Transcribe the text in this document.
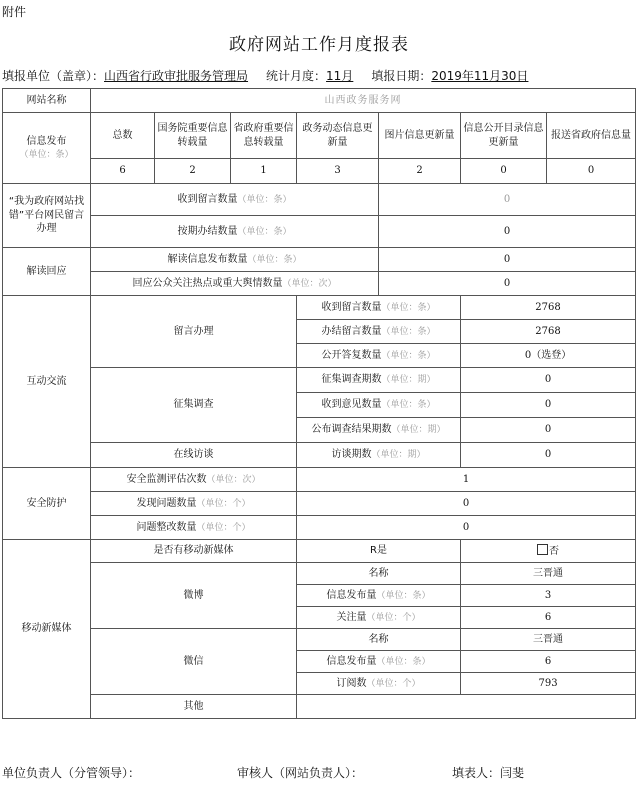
附件
政府网站工作月度报表
填报单位（盖章）：山西省行政审批服务管理局 统计月度：11月 填报日期：2019年11月30日
网站名称	山西政务服务网						
信息发布
（单位：条）	总数	国务院重要信息转载量	省政府重要信息转载量	政务动态信息更新量	图片信息更新量	信息公开目录信息更新量	报送省政府信息量
	6	2	1	3	2	0	0
“我为政府网站找错”平台网民留言办理	收到留言数量（单位：条）				0		
	按期办结数量（单位：条）				0		
解读回应	解读信息发布数量（单位：条）				0		
	回应公众关注热点或重大舆情数量（单位：次）				0		
互动交流	留言办理			收到留言数量（单位：条）		2768	
				办结留言数量（单位：条）		2768	
				公开答复数量（单位：条）		0（选登）	
	征集调查			征集调查期数（单位：期）		0	
				收到意见数量（单位：条）		0	
				公布调查结果期数（单位：期）		0	
	在线访谈			访谈期数（单位：期）		0	
安全防护	安全监测评估次数（单位：次）			1			
	发现问题数量（单位：个）			0			
	问题整改数量（单位：个）			0			
移动新媒体	是否有移动新媒体			R是		否	
	微博			名称		三晋通	
				信息发布量（单位：条）		3	
				关注量（单位：个）		6	
	微信			名称		三晋通	
				信息发布量（单位：条）		6	
				订阅数（单位：个）		793	
	其他						
单位负责人（分管领导）：	审核人（网站负责人）：	填表人：闫斐
